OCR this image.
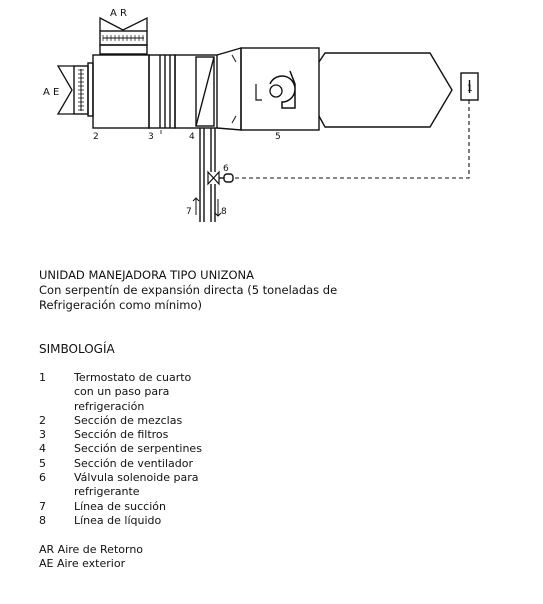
A R
A E	1
2	3	4	5
6
7	8
UNIDAD MANEJADORA TIPO UNIZONA
Con serpentín de expansión directa (5 toneladas de
Refrigeración como mínimo)
SIMBOLOGÍA
1	Termostato de cuarto
con un paso para
refrigeración
2	Sección de mezclas
3	Sección de filtros
4	Sección de serpentines
5	Sección de ventilador
6	Válvula solenoide para
refrigerante
7	Línea de succión
8	Línea de líquido
AR Aire de Retorno
AE Aire exterior
